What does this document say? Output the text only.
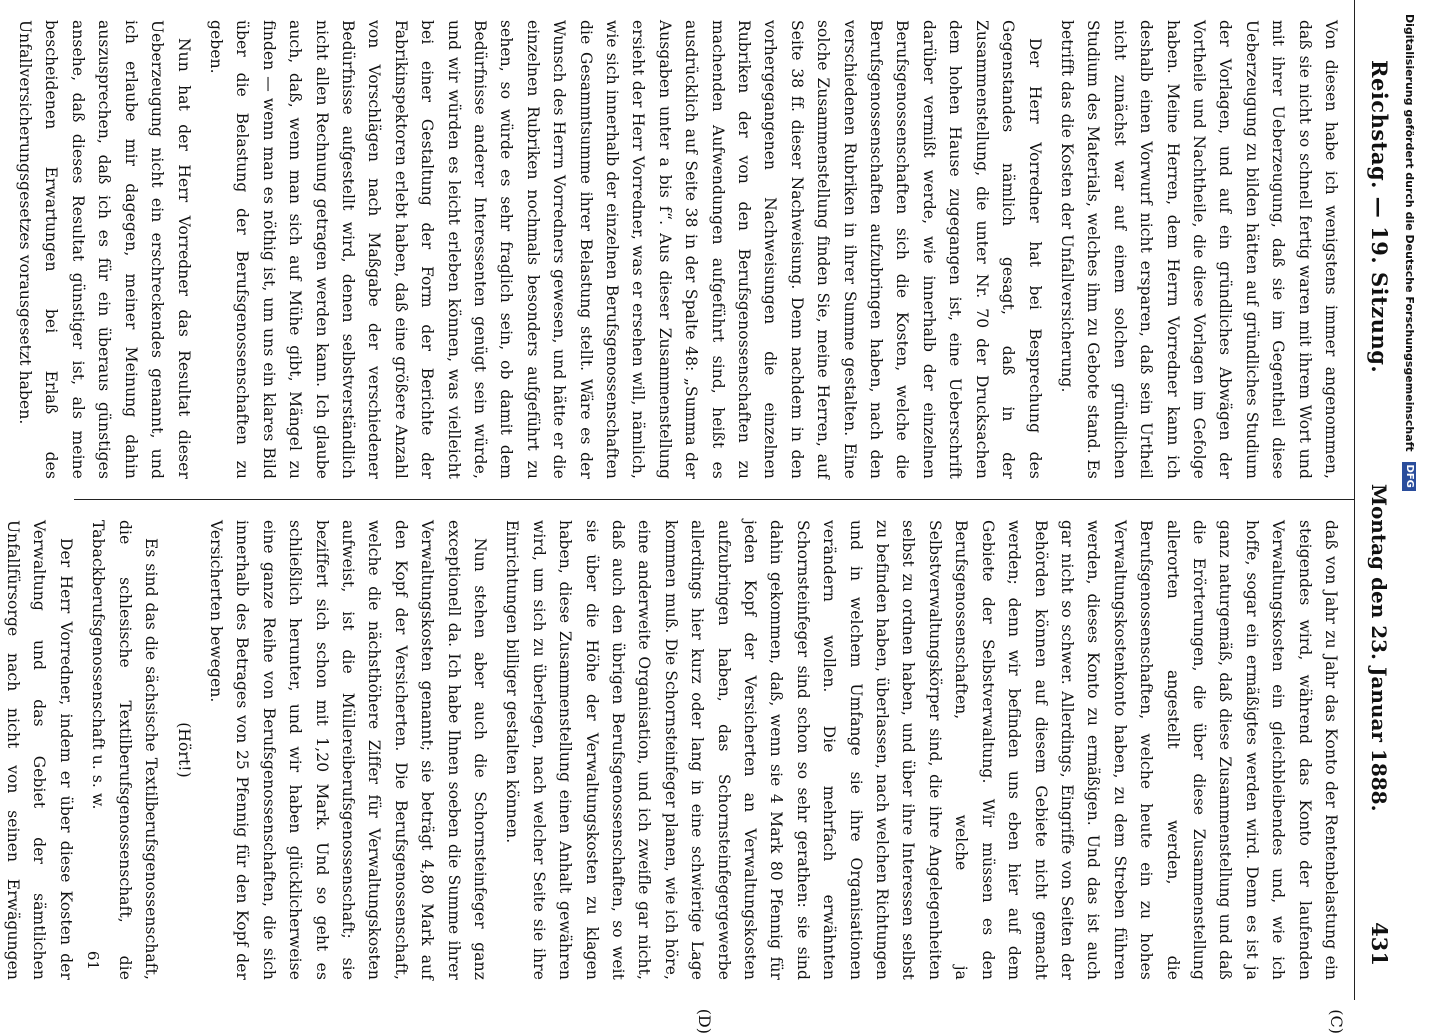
Reichstag. — 19. Sitzung.
Montag den 23. Januar 1888.
431

Von diesen habe ich wenigstens immer angenommen, daß sie nicht so schnell fertig waren mit ihrem Wort und mit ihrer Ueberzeugung, daß sie im Gegentheil diese Ueberzeugung zu bilden hätten auf gründliches Studium der Vorlagen, und auf ein gründliches Abwägen der Vortheile und Nachtheile, die diese Vorlagen im Gefolge haben. Meine Herren, dem Herrn Vorredner kann ich deshalb einen Vorwurf nicht ersparen, daß sein Urtheil nicht zunächst war auf einem solchen gründlichen Studium des Materials, welches ihm zu Gebote stand. Es betrifft das die Kosten der Unfallversicherung.

Der Herr Vorredner hat bei Besprechung des Gegenstandes nämlich gesagt, daß in der Zusammenstellung, die unter Nr. 70 der Drucksachen dem hohen Hause zugegangen ist, eine Ueberschrift darüber vermißt werde, wie innerhalb der einzelnen Berufsgenossenschaften sich die Kosten, welche die Berufsgenossenschaften aufzubringen haben, nach den verschiedenen Rubriken in ihrer Summe gestalten. Eine solche Zusammenstellung finden Sie, meine Herren, auf Seite 38 ff. dieser Nachweisung. Denn nachdem in den vorhergegangenen Nachweisungen die einzelnen Rubriken der von den Berufsgenossenschaften zu machenden Aufwendungen aufgeführt sind, heißt es ausdrücklich auf Seite 38 in der Spalte 48: „Summa der Ausgaben unter a bis f“. Aus dieser Zusammenstellung ersieht der Herr Vorredner, was er ersehen will, nämlich, wie sich innerhalb der einzelnen Berufsgenossenschaften die Gesammtsumme ihrer Belastung stellt. Wäre es der Wunsch des Herrn Vorredners gewesen, und hätte er die einzelnen Rubriken nochmals besonders aufgeführt zu sehen, so würde es sehr fraglich sein, ob damit dem Bedürfnisse anderer Interessenten genügt sein würde, und wir würden es leicht erleben können, was vielleicht bei einer Gestaltung der Form der Berichte der Fabrikinspektoren erlebt haben, daß eine größere Anzahl von Vorschlägen nach Maßgabe der verschiedener Bedürfnisse aufgestellt wird, denen selbstverständlich nicht allen Rechnung getragen werden kann. Ich glaube auch, daß, wenn man sich auf Mühe gibt, Mängel zu finden — wenn man es nöthig ist, um uns ein klares Bild über die Belastung der Berufsgenossenschaften zu geben.

Nun hat der Herr Vorredner das Resultat dieser Ueberzeugung nicht ein erschreckendes genannt, und ich erlaube mir dagegen, meiner Meinung dahin auszusprechen, daß ich es für ein überaus günstiges ansehe, daß dieses Resultat günstiger ist, als meine bescheidenen Erwartungen bei Erlaß des Unfallversicherungsgesetzes vorausgesetzt haben.

(C)
(D)
61	daß von Jahr zu Jahr das Konto der Rentenbelastung ein steigendes wird, während das Konto der laufenden Verwaltungskosten ein gleichbleibendes und, wie ich hoffe, sogar ein ermäßigtes werden wird. Denn es ist ja ganz naturgemäß, daß diese Zusammenstellung und daß die Erörterungen, die über diese Zusammenstellung allerorten angestellt werden, die Berufsgenossenschaften, welche heute ein zu hohes Verwaltungskostenkonto haben, zu dem Streben führen werden, dieses Konto zu ermäßigen. Und das ist auch gar nicht so schwer. Allerdings, Eingriffe von Seiten der Behörden können auf diesem Gebiete nicht gemacht werden; denn wir befinden uns eben hier auf dem Gebiete der Selbstverwaltung. Wir müssen es den Berufsgenossenschaften, welche ja Selbstverwaltungskörper sind, die ihre Angelegenheiten selbst zu ordnen haben, und über ihre Interessen selbst zu befinden haben, überlassen, nach welchen Richtungen und in welchem Umfange sie ihre Organisationen verändern wollen. Die mehrfach erwähnten Schornsteinfeger sind schon so sehr gerathen: sie sind dahin gekommen, daß, wenn sie 4 Mark 80 Pfennig für jeden Kopf der Versicherten an Verwaltungskosten aufzubringen haben, das Schornsteinfegergewerbe allerdings hier kurz oder lang in eine schwierige Lage kommen muß. Die Schornsteinfeger planen, wie ich höre, eine anderweite Organisation, und ich zweifle gar nicht, daß auch den übrigen Berufsgenossenschaften, so weit sie über die Höhe der Verwaltungskosten zu klagen haben, diese Zusammenstellung einen Anhalt gewähren wird, um sich zu überlegen, nach welcher Seite sie ihre Einrichtungen billiger gestalten können.

Nun stehen aber auch die Schornsteinfeger ganz exceptionell da. Ich habe Ihnen soeben die Summe ihrer Verwaltungskosten genannt; sie beträgt 4,80 Mark auf den Kopf der Versicherten. Die Berufsgenossenschaft, welche die nächsthöhere Ziffer für Verwaltungskosten aufweist, ist die Müllereiberufsgenossenschaft; sie beziffert sich schon mit 1,20 Mark. Und so geht es schließlich herunter, und wir haben glücklicherweise eine ganze Reihe von Berufsgenossenschaften, die sich innerhalb des Betrages von 25 Pfennig für den Kopf der Versicherten bewegen.

(Hört!)

Es sind das die sächsische Textilberufsgenossenschaft, die schlesische Textilberufsgenossenschaft, die Tabackberufsgenossenschaft u. s. w.

Der Herr Vorredner, indem er über diese Kosten der Verwaltung und das Gebiet der sämtlichen Unfallfürsorge nach nicht von seinen Erwägungen

Digitalisierung gefördert durch die Deutsche Forschungsgemeinschaft DFG
